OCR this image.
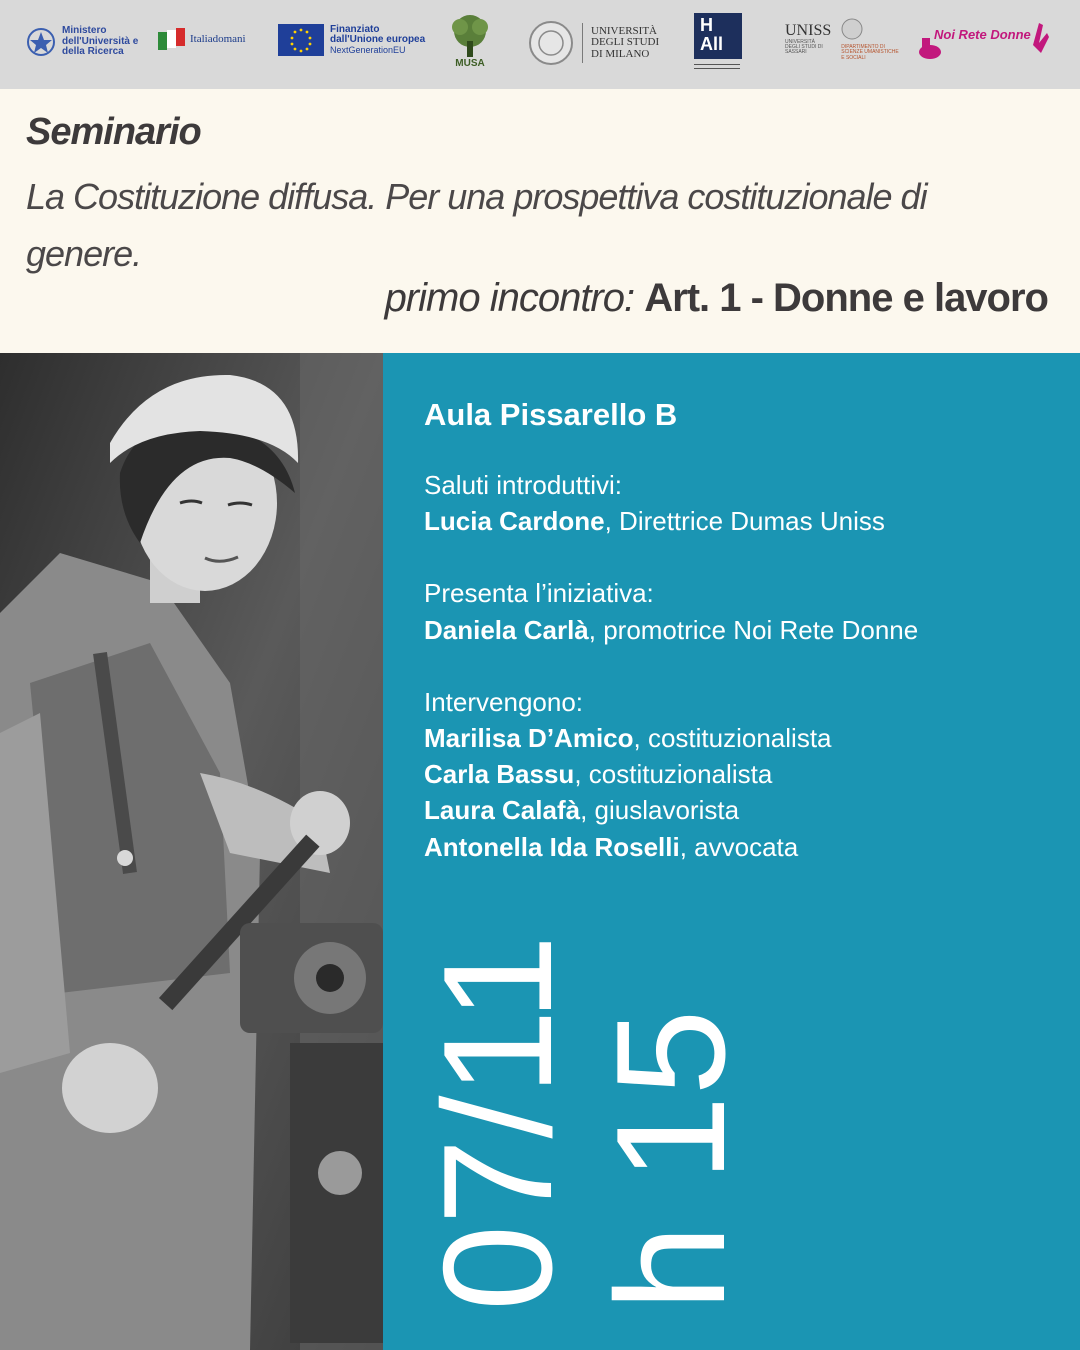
Ministero dell'Università e della Ricerca
Italiadomani
Finanziato
dall'Unione europea
NextGenerationEU
MUSA
UNIVERSITÀ DEGLI STUDI DI MILANO
H
All
UNISS
UNIVERSITÀ DEGLI STUDI DI SASSARI
DIPARTIMENTO DI SCIENZE UMANISTICHE E SOCIALI
Noi Rete Donne
Seminario
La Costituzione diffusa. Per una prospettiva costituzionale di genere.
primo incontro: Art. 1 - Donne e lavoro
Aula Pissarello B
Saluti introduttivi:
Lucia Cardone, Direttrice Dumas Uniss
Presenta l’iniziativa:
Daniela Carlà, promotrice Noi Rete Donne
Intervengono:
Marilisa D’Amico, costituzionalista
Carla Bassu, costituzionalista
Laura Calafà, giuslavorista
Antonella Ida Roselli, avvocata
07/11 h 15
